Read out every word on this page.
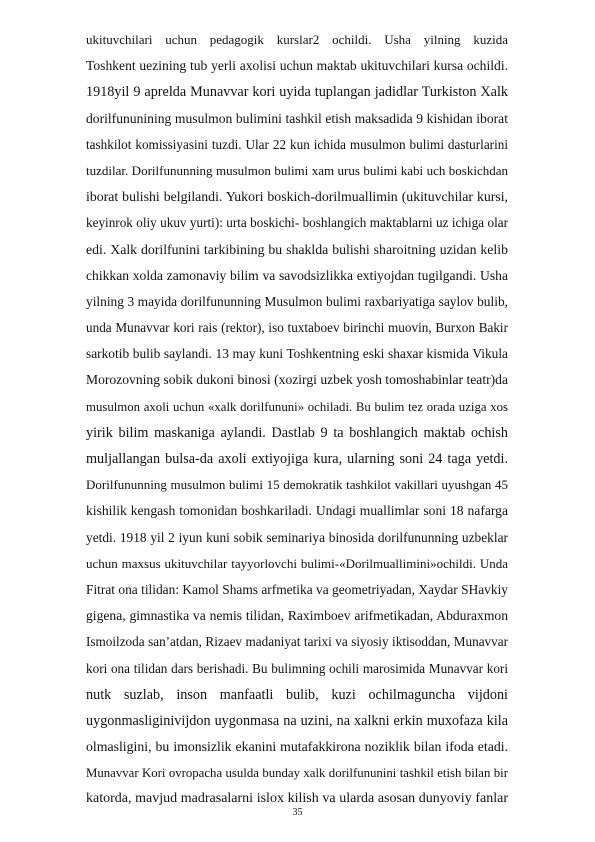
ukituvchilari uchun pedagogik kurslar2 ochildi. Usha yilning kuzida
Toshkent uezining tub yerli axolisi uchun maktab ukituvchilari kursa ochildi.
1918yil 9 aprelda Munavvar kori uyida tuplangan jadidlar Turkiston Xalk
dorilfununining musulmon bulimini tashkil etish maksadida 9 kishidan iborat
tashkilot komissiyasini tuzdi. Ular 22 kun ichida musulmon bulimi dasturlarini
tuzdilar. Dorilfununning musulmon bulimi xam urus bulimi kabi uch boskichdan
iborat bulishi belgilandi. Yukori boskich-dorilmuallimin (ukituvchilar kursi,
keyinrok oliy ukuv yurti): urta boskichi- boshlangich maktablarni uz ichiga olar
edi. Xalk dorilfunini tarkibining bu shaklda bulishi sharoitning uzidan kelib
chikkan xolda zamonaviy bilim va savodsizlikka extiyojdan tugilgandi. Usha
yilning 3 mayida dorilfununning Musulmon bulimi raxbariyatiga saylov bulib,
unda Munavvar kori rais (rektor), iso tuxtaboev birinchi muovin, Burxon Bakir
sarkotib bulib saylandi. 13 may kuni Toshkentning eski shaxar kismida Vikula
Morozovning sobik dukoni binosi (xozirgi uzbek yosh tomoshabinlar teatr)da
musulmon axoli uchun «xalk dorilfununi» ochiladi. Bu bulim tez orada uziga xos
yirik bilim maskaniga aylandi. Dastlab 9 ta boshlangich maktab ochish
muljallangan bulsa-da axoli extiyojiga kura, ularning soni 24 taga yetdi.
Dorilfununning musulmon bulimi 15 demokratik tashkilot vakillari uyushgan 45
kishilik kengash tomonidan boshkariladi. Undagi muallimlar soni 18 nafarga
yetdi. 1918 yil 2 iyun kuni sobik seminariya binosida dorilfununning uzbeklar
uchun maxsus ukituvchilar tayyorlovchi bulimi-«Dorilmuallimini»ochildi. Unda
Fitrat ona tilidan: Kamol Shams arfmetika va geometriyadan, Xaydar SHavkiy
gigena, gimnastika va nemis tilidan, Raximboev arifmetikadan, Abduraxmon
Ismoilzoda san’atdan, Rizaev madaniyat tarixi va siyosiy iktisoddan, Munavvar
kori ona tilidan dars berishadi. Bu bulimning ochili marosimida Munavvar kori
nutk suzlab, inson manfaatli bulib, kuzi ochilmaguncha vijdoni
uygonmasliginivijdon uygonmasa na uzini, na xalkni erkin muxofaza kila
olmasligini, bu imonsizlik ekanini mutafakkirona noziklik bilan ifoda etadi.
Munavvar Kori ovropacha usulda bunday xalk dorilfununini tashkil etish bilan bir
katorda, mavjud madrasalarni islox kilish va ularda asosan dunyoviy fanlar
35
